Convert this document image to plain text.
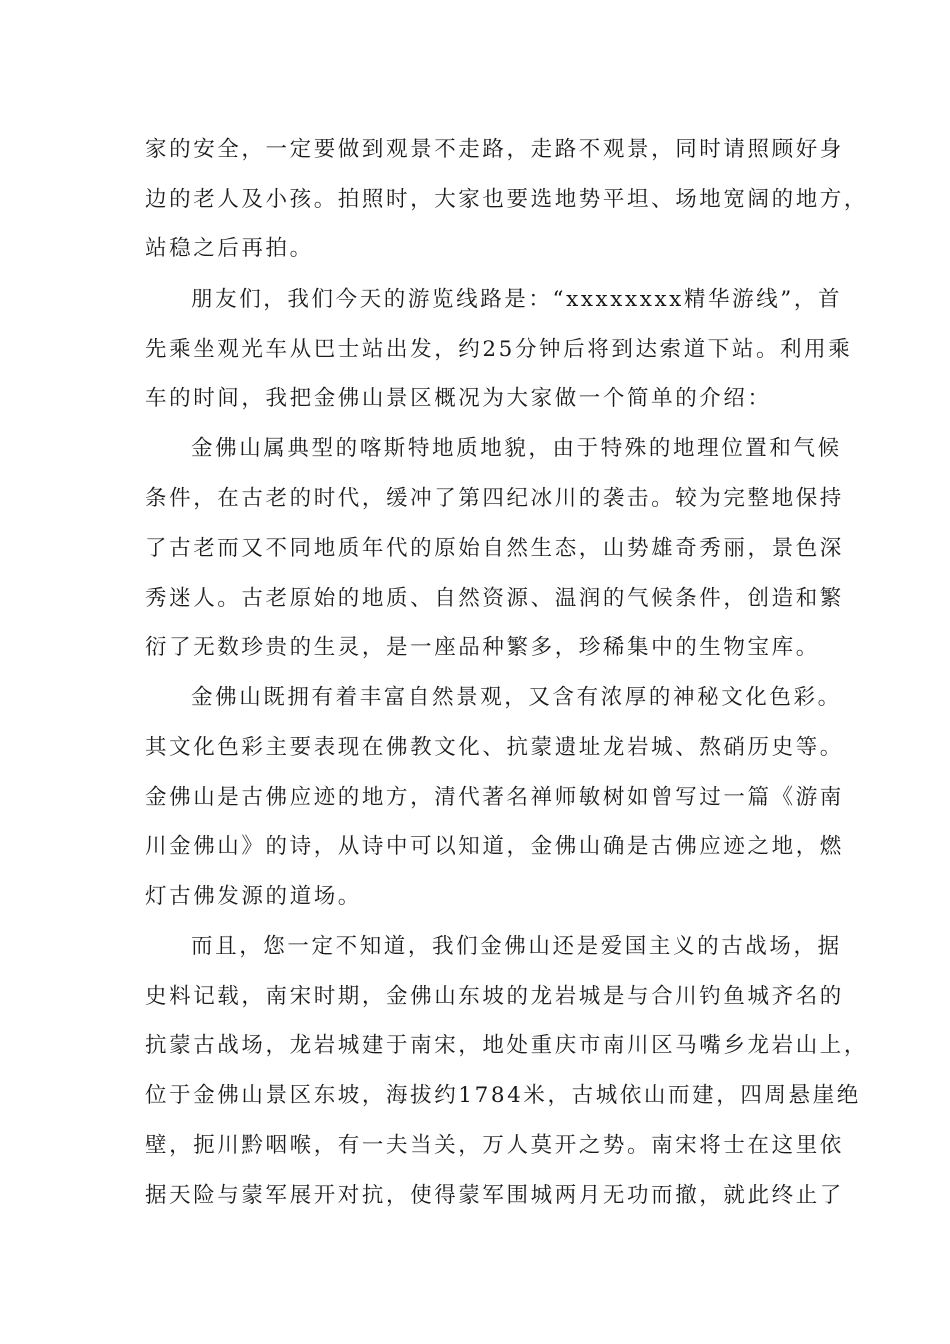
家的安全，一定要做到观景不走路，走路不观景，同时请照顾好身
边的老人及小孩。拍照时，大家也要选地势平坦、场地宽阔的地方，
站稳之后再拍。
朋友们，我们今天的游览线路是：“xxxxxxxx精华游线”，首
先乘坐观光车从巴士站出发，约25分钟后将到达索道下站。利用乘
车的时间，我把金佛山景区概况为大家做一个简单的介绍：
金佛山属典型的喀斯特地质地貌，由于特殊的地理位置和气候
条件，在古老的时代，缓冲了第四纪冰川的袭击。较为完整地保持
了古老而又不同地质年代的原始自然生态，山势雄奇秀丽，景色深
秀迷人。古老原始的地质、自然资源、温润的气候条件，创造和繁
衍了无数珍贵的生灵，是一座品种繁多，珍稀集中的生物宝库。
金佛山既拥有着丰富自然景观，又含有浓厚的神秘文化色彩。
其文化色彩主要表现在佛教文化、抗蒙遗址龙岩城、熬硝历史等。
金佛山是古佛应迹的地方，清代著名禅师敏树如曾写过一篇《游南
川金佛山》的诗，从诗中可以知道，金佛山确是古佛应迹之地，燃
灯古佛发源的道场。
而且，您一定不知道，我们金佛山还是爱国主义的古战场，据
史料记载，南宋时期，金佛山东坡的龙岩城是与合川钓鱼城齐名的
抗蒙古战场，龙岩城建于南宋，地处重庆市南川区马嘴乡龙岩山上，
位于金佛山景区东坡，海拔约1784米，古城依山而建，四周悬崖绝
壁，扼川黔咽喉，有一夫当关，万人莫开之势。南宋将士在这里依
据天险与蒙军展开对抗，使得蒙军围城两月无功而撤，就此终止了
